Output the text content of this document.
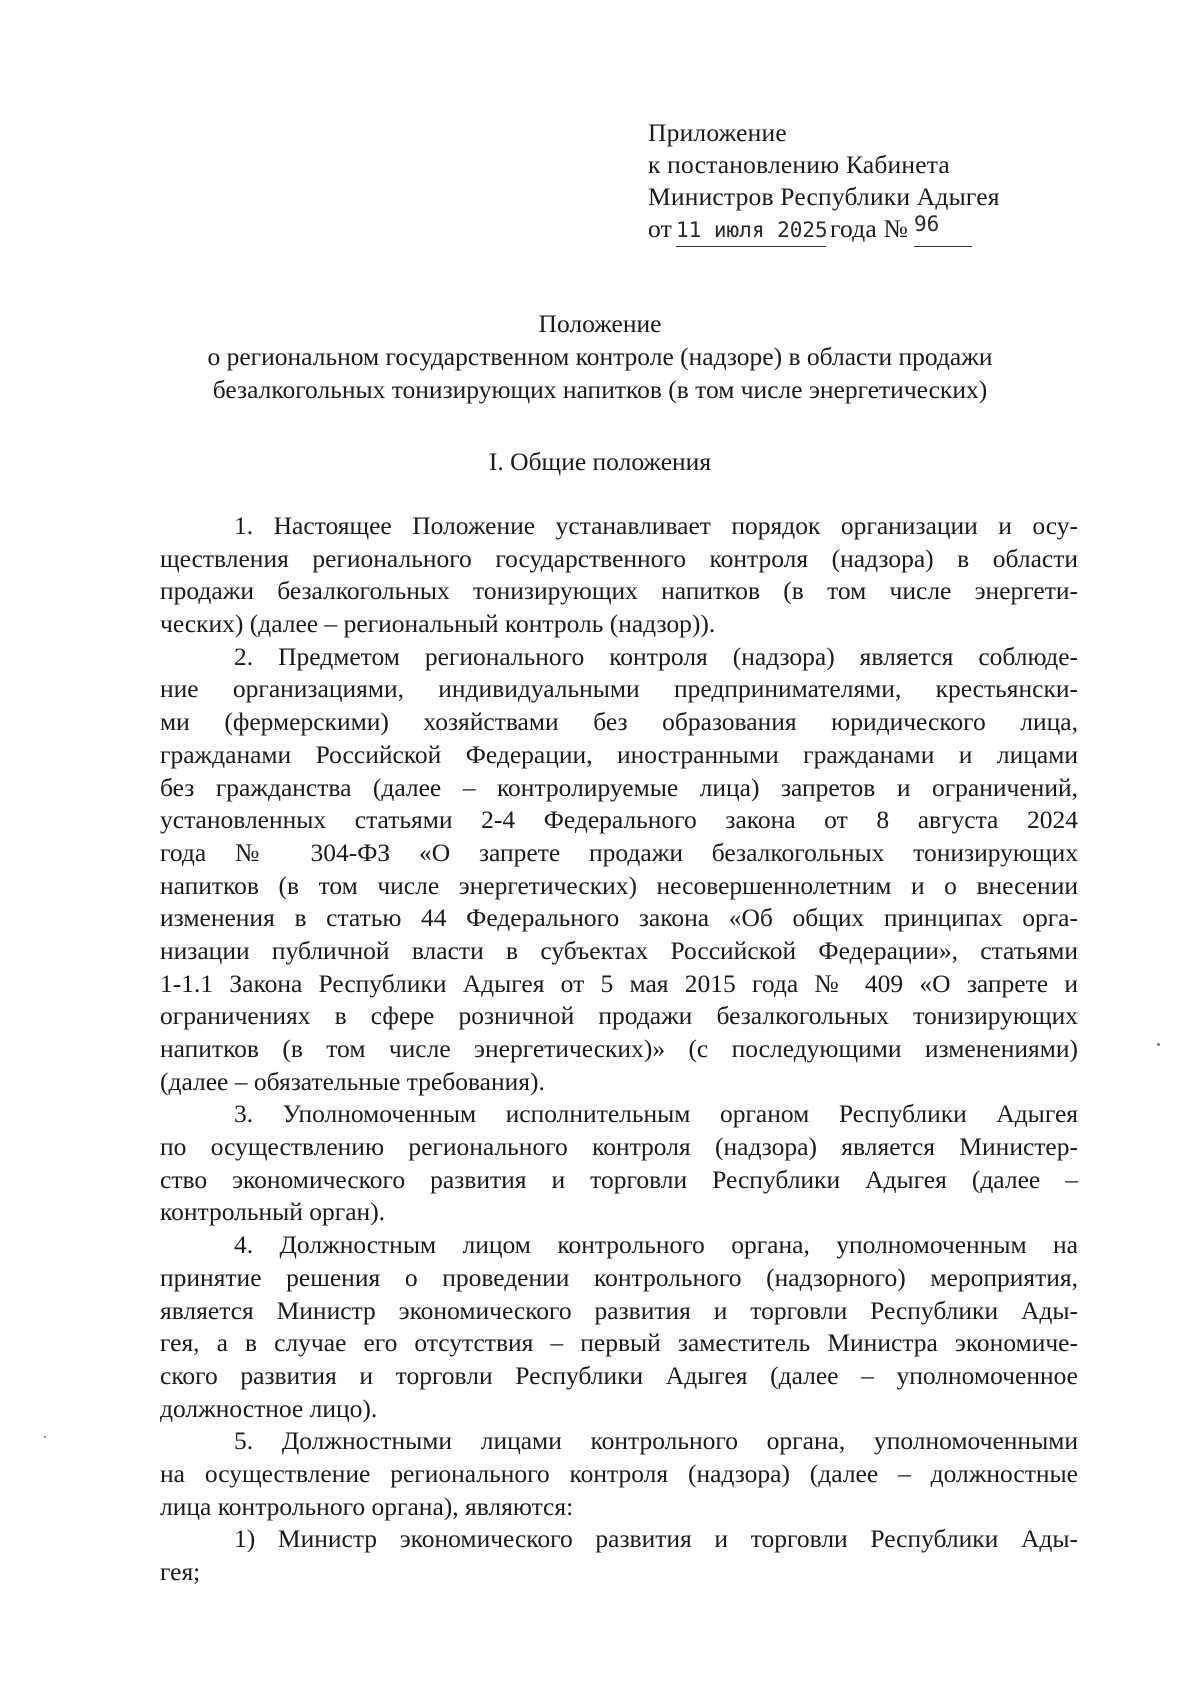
Приложение
к постановлению Кабинета
Министров Республики Адыгея
от 11 июля 2025года № $^{96}$
Положение
о региональном государственном контроле (надзоре) в области продажи
безалкогольных тонизирующих напитков (в том числе энергетических)
I. Общие положения
1. Настоящее Положение устанавливает порядок организации и осу-
ществления регионального государственного контроля (надзора) в области
продажи безалкогольных тонизирующих напитков (в том числе энергети-
ческих) (далее – региональный контроль (надзор)).
2. Предметом регионального контроля (надзора) является соблюде-
ние организациями, индивидуальными предпринимателями, крестьянски-
ми (фермерскими) хозяйствами без образования юридического лица,
гражданами Российской Федерации, иностранными гражданами и лицами
без гражданства (далее – контролируемые лица) запретов и ограничений,
установленных статьями 2-4 Федерального закона от 8 августа 2024
года № 304-ФЗ «О запрете продажи безалкогольных тонизирующих
напитков (в том числе энергетических) несовершеннолетним и о внесении
изменения в статью 44 Федерального закона «Об общих принципах орга-
низации публичной власти в субъектах Российской Федерации», статьями
1-1.1 Закона Республики Адыгея от 5 мая 2015 года № 409 «О запрете и
ограничениях в сфере розничной продажи безалкогольных тонизирующих
напитков (в том числе энергетических)» (с последующими изменениями)
(далее – обязательные требования).
3. Уполномоченным исполнительным органом Республики Адыгея
по осуществлению регионального контроля (надзора) является Министер-
ство экономического развития и торговли Республики Адыгея (далее –
контрольный орган).
4. Должностным лицом контрольного органа, уполномоченным на
принятие решения о проведении контрольного (надзорного) мероприятия,
является Министр экономического развития и торговли Республики Ады-
гея, а в случае его отсутствия – первый заместитель Министра экономиче-
ского развития и торговли Республики Адыгея (далее – уполномоченное
должностное лицо).
5. Должностными лицами контрольного органа, уполномоченными
на осуществление регионального контроля (надзора) (далее – должностные
лица контрольного органа), являются:
1) Министр экономического развития и торговли Республики Ады-
гея;
